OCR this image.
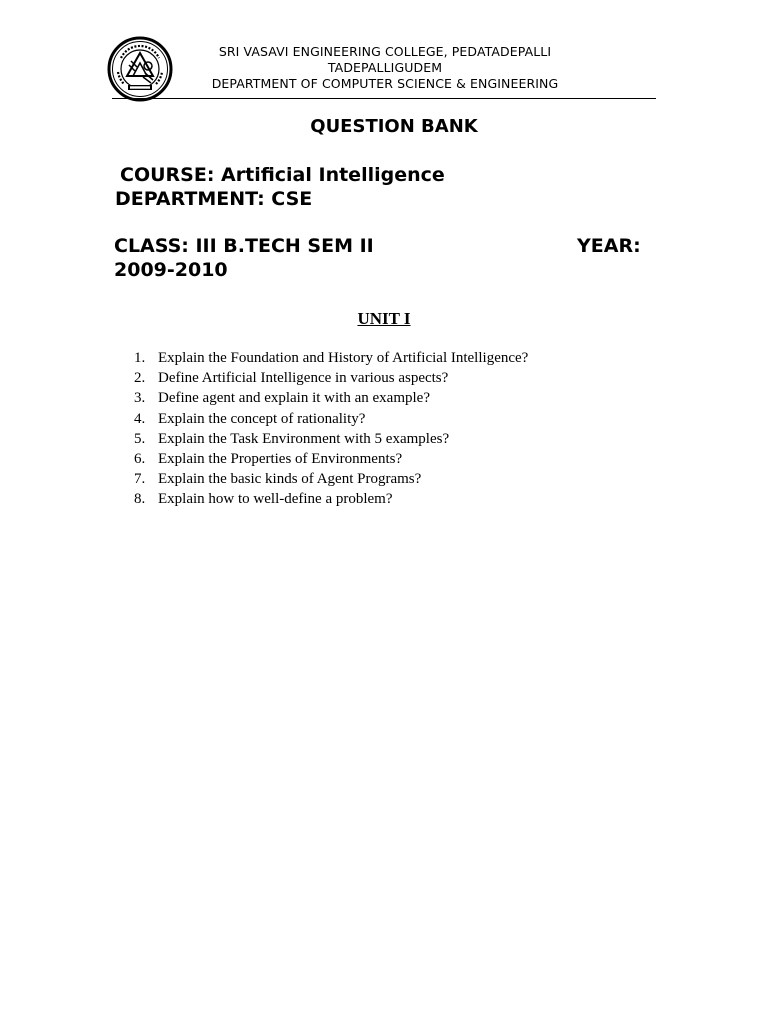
SRI VASAVI ENGINEERING COLLEGE, PEDATADEPALLI
TADEPALLIGUDEM
DEPARTMENT OF COMPUTER SCIENCE & ENGINEERING
QUESTION BANK
COURSE: Artificial Intelligence
DEPARTMENT: CSE
CLASS: III B.TECH SEM II	YEAR:
2009-2010
UNIT I
1. Explain the Foundation and History of Artificial Intelligence?
2. Define Artificial Intelligence in various aspects?
3. Define agent and explain it with an example?
4. Explain the concept of rationality?
5. Explain the Task Environment with 5 examples?
6. Explain the Properties of Environments?
7. Explain the basic kinds of Agent Programs?
8. Explain how to well-define a problem?
